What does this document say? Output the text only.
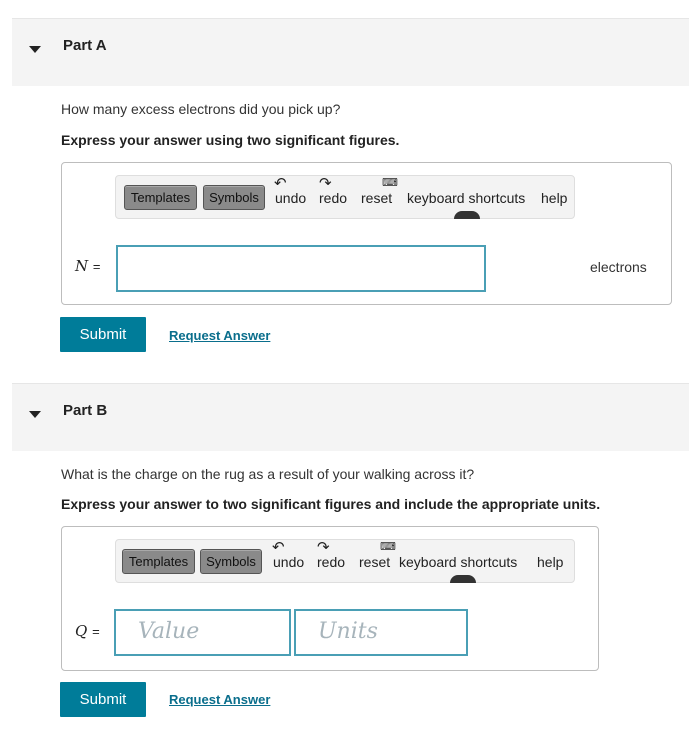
Part A
How many excess electrons did you pick up?
Express your answer using two significant figures.
Templates	Symbols
↶
undo
↷
redo reset
⌨
keyboard shortcuts help
N =	electrons
Submit	Request Answer
Part B
What is the charge on the rug as a result of your walking across it?
Express your answer to two significant figures and include the appropriate units.
Templates	Symbols
↶
undo
↷
redo reset
⌨
keyboard shortcuts help
Q =	Value	Units
Submit	Request Answer
